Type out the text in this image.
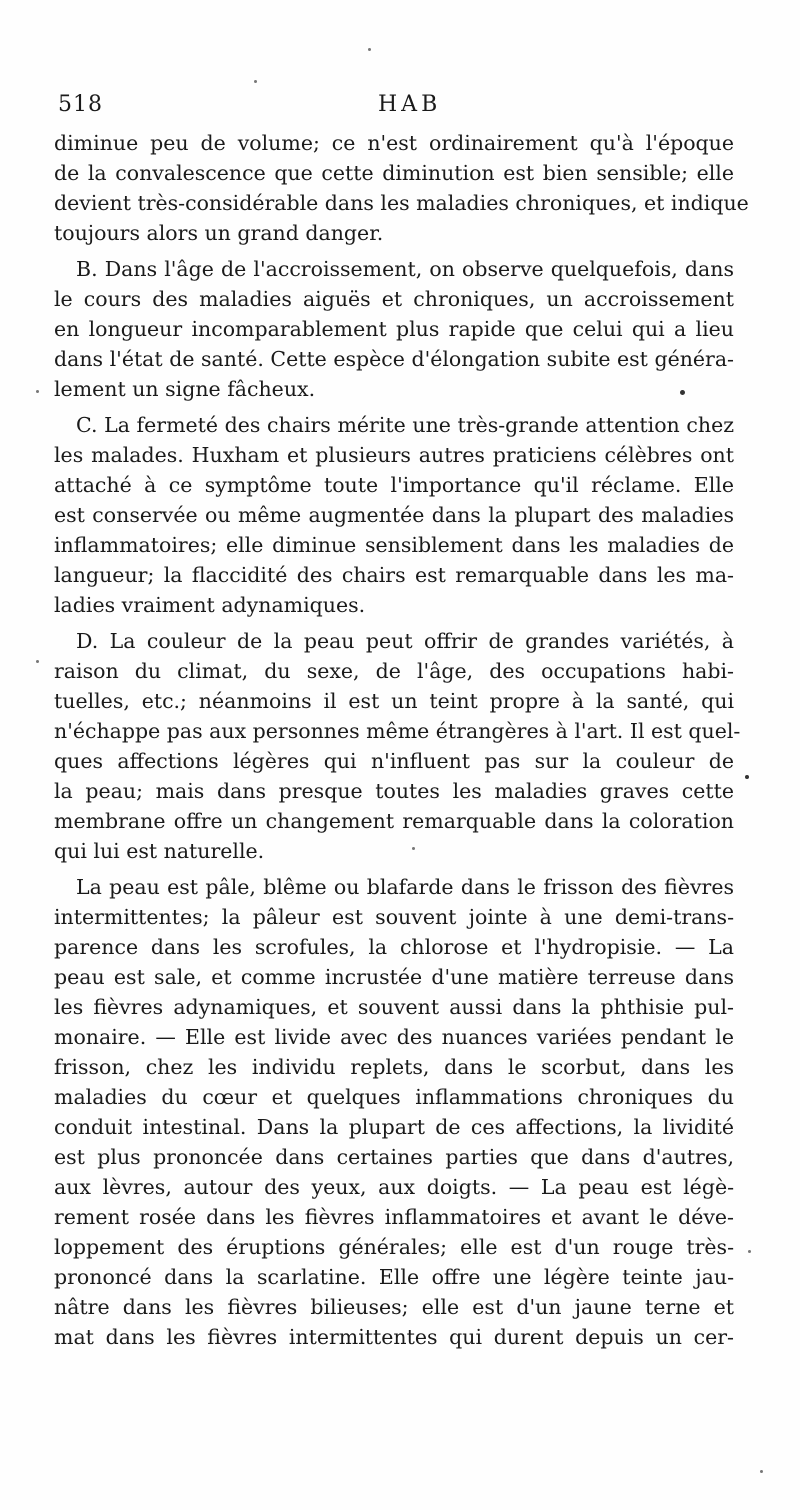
518	HAB
diminue peu de volume; ce n'est ordinairement qu'à l'époque
de la convalescence que cette diminution est bien sensible; elle
devient très-considérable dans les maladies chroniques, et indique
toujours alors un grand danger.
B. Dans l'âge de l'accroissement, on observe quelquefois, dans
le cours des maladies aiguës et chroniques, un accroissement
en longueur incomparablement plus rapide que celui qui a lieu
dans l'état de santé. Cette espèce d'élongation subite est généra-
lement un signe fâcheux.
C. La fermeté des chairs mérite une très-grande attention chez
les malades. Huxham et plusieurs autres praticiens célèbres ont
attaché à ce symptôme toute l'importance qu'il réclame. Elle
est conservée ou même augmentée dans la plupart des maladies
inflammatoires; elle diminue sensiblement dans les maladies de
langueur; la flaccidité des chairs est remarquable dans les ma-
ladies vraiment adynamiques.
D. La couleur de la peau peut offrir de grandes variétés, à
raison du climat, du sexe, de l'âge, des occupations habi-
tuelles, etc.; néanmoins il est un teint propre à la santé, qui
n'échappe pas aux personnes même étrangères à l'art. Il est quel-
ques affections légères qui n'influent pas sur la couleur de
la peau; mais dans presque toutes les maladies graves cette
membrane offre un changement remarquable dans la coloration
qui lui est naturelle.
La peau est pâle, blême ou blafarde dans le frisson des fièvres
intermittentes; la pâleur est souvent jointe à une demi-trans-
parence dans les scrofules, la chlorose et l'hydropisie. — La
peau est sale, et comme incrustée d'une matière terreuse dans
les fièvres adynamiques, et souvent aussi dans la phthisie pul-
monaire. — Elle est livide avec des nuances variées pendant le
frisson, chez les individu replets, dans le scorbut, dans les
maladies du cœur et quelques inflammations chroniques du
conduit intestinal. Dans la plupart de ces affections, la lividité
est plus prononcée dans certaines parties que dans d'autres,
aux lèvres, autour des yeux, aux doigts. — La peau est légè-
rement rosée dans les fièvres inflammatoires et avant le déve-
loppement des éruptions générales; elle est d'un rouge très-
prononcé dans la scarlatine. Elle offre une légère teinte jau-
nâtre dans les fièvres bilieuses; elle est d'un jaune terne et
mat dans les fièvres intermittentes qui durent depuis un cer-
